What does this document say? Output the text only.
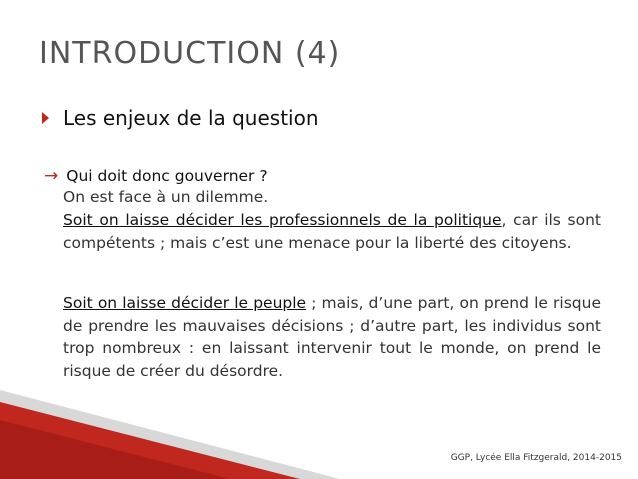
INTRODUCTION (4)
Les enjeux de la question
→ Qui doit donc gouverner ?
On est face à un dilemme.
Soit on laisse décider les professionnels de la politique, car ils sont compétents ; mais c’est une menace pour la liberté des citoyens.
Soit on laisse décider le peuple ; mais, d’une part, on prend le risque de prendre les mauvaises décisions ; d’autre part, les individus sont trop nombreux : en laissant intervenir tout le monde, on prend le risque de créer du désordre.
GGP, Lycée Ella Fitzgerald, 2014-2015
